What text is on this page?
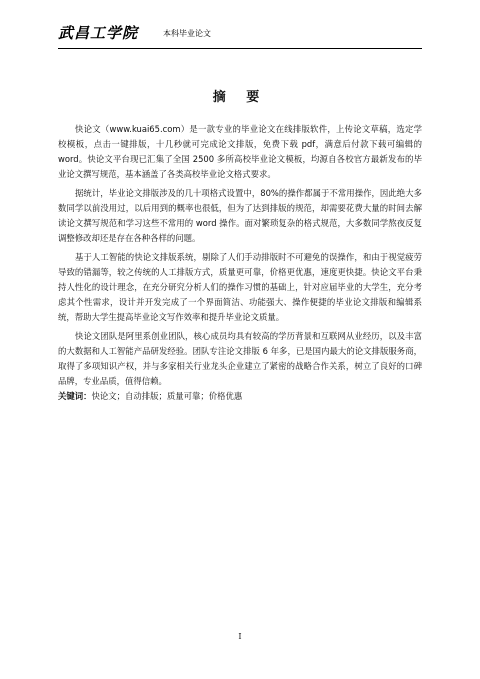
武昌工学院	本科毕业论文
摘 要

快论文（www.kuai65.com）是一款专业的毕业论文在线排版软件，上传论文草稿，选定学校模板，点击一键排版，十几秒就可完成论文排版，免费下载 pdf，满意后付款下载可编辑的 word。快论文平台现已汇集了全国 2500 多所高校毕业论文模板，均源自各校官方最新发布的毕业论文撰写规范，基本涵盖了各类高校毕业论文格式要求。

据统计，毕业论文排版涉及的几十项格式设置中，80%的操作都属于不常用操作，因此绝大多数同学以前没用过，以后用到的概率也很低，但为了达到排版的规范，却需要花费大量的时间去解读论文撰写规范和学习这些不常用的 word 操作。面对繁琐复杂的格式规范，大多数同学熬夜反复调整修改却还是存在各种各样的问题。

基于人工智能的快论文排版系统，剔除了人们手动排版时不可避免的误操作，和由于视觉疲劳导致的错漏等，较之传统的人工排版方式，质量更可靠，价格更优惠，速度更快捷。快论文平台秉持人性化的设计理念，在充分研究分析人们的操作习惯的基础上，针对应届毕业的大学生，充分考虑其个性需求，设计并开发完成了一个界面简洁、功能强大、操作便捷的毕业论文排版和编辑系统，帮助大学生提高毕业论文写作效率和提升毕业论文质量。

快论文团队是阿里系创业团队，核心成员均具有较高的学历背景和互联网从业经历，以及丰富的大数据和人工智能产品研发经验。团队专注论文排版 6 年多，已是国内最大的论文排版服务商，取得了多项知识产权，并与多家相关行业龙头企业建立了紧密的战略合作关系，树立了良好的口碑品牌，专业品质，值得信赖。

关键词：快论文；自动排版；质量可靠；价格优惠

I
